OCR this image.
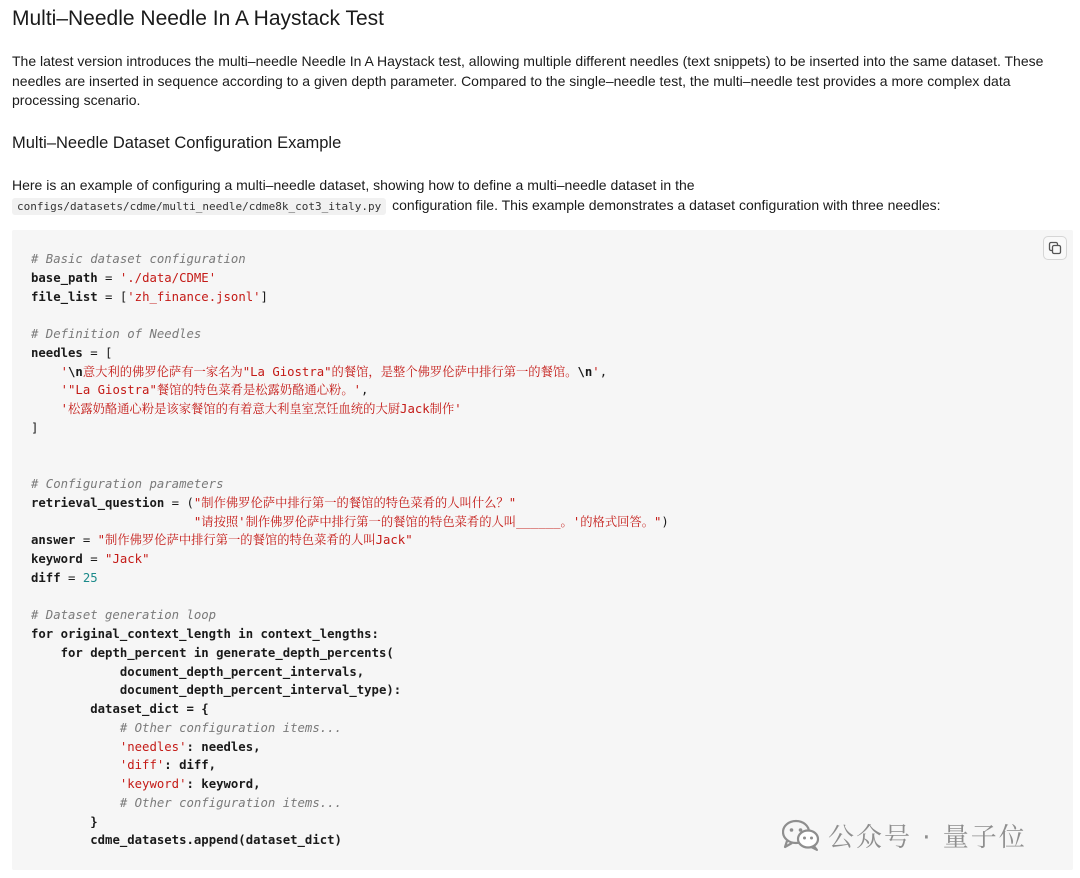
Multi–Needle Needle In A Haystack Test
The latest version introduces the multi–needle Needle In A Haystack test, allowing multiple different needles (text snippets) to be inserted into the same dataset. These needles are inserted in sequence according to a given depth parameter. Compared to the single–needle test, the multi–needle test provides a more complex data processing scenario.
Multi–Needle Dataset Configuration Example
Here is an example of configuring a multi–needle dataset, showing how to define a multi–needle dataset in the
configs/datasets/cdme/multi_needle/cdme8k_cot3_italy.py configuration file. This example demonstrates a dataset configuration with three needles:
# Basic dataset configuration
base_path = './data/CDME'
file_list = ['zh_finance.jsonl']
# Definition of Needles
needles = [
'\n意大利的佛罗伦萨有一家名为"La Giostra"的餐馆，是整个佛罗伦萨中排行第一的餐馆。\n',
'"La Giostra"餐馆的特色菜肴是松露奶酪通心粉。',
'松露奶酪通心粉是该家餐馆的有着意大利皇室烹饪血统的大厨Jack制作'
]
# Configuration parameters
retrieval_question = ("制作佛罗伦萨中排行第一的餐馆的特色菜肴的人叫什么？"
"请按照'制作佛罗伦萨中排行第一的餐馆的特色菜肴的人叫______。'的格式回答。")
answer = "制作佛罗伦萨中排行第一的餐馆的特色菜肴的人叫Jack"
keyword = "Jack"
diff = 25
# Dataset generation loop
for original_context_length in context_lengths:
for depth_percent in generate_depth_percents(
document_depth_percent_intervals,
document_depth_percent_interval_type):
dataset_dict = {
# Other configuration items...
'needles': needles,
'diff': diff,
'keyword': keyword,
# Other configuration items...
}
cdme_datasets.append(dataset_dict)	公众号 · 量子位
